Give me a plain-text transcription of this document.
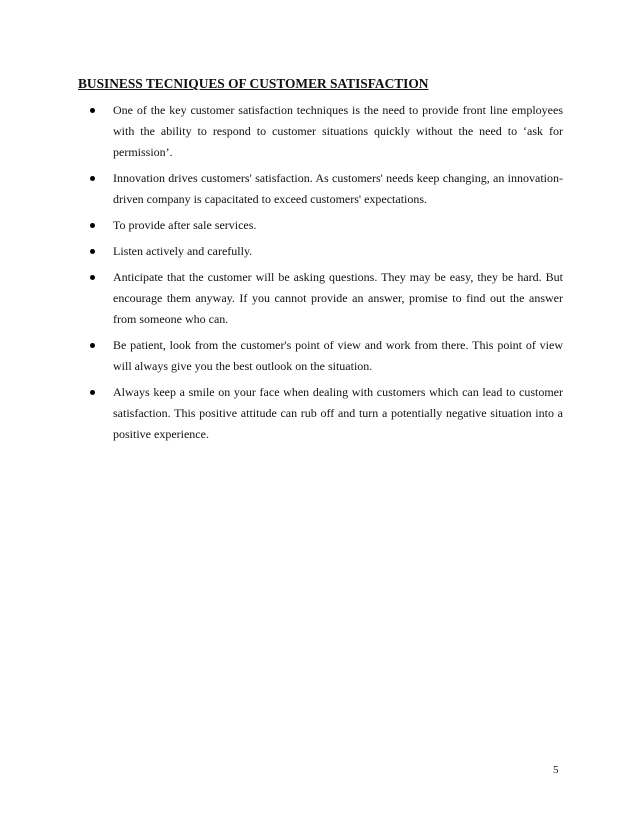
BUSINESS TECNIQUES OF CUSTOMER SATISFACTION
One of the key customer satisfaction techniques is the need to provide front line employees with the ability to respond to customer situations quickly without the need to ‘ask for permission’.
Innovation drives customers' satisfaction. As customers' needs keep changing, an innovation-driven company is capacitated to exceed customers' expectations.
To provide after sale services.
Listen actively and carefully.
Anticipate that the customer will be asking questions. They may be easy, they be hard. But encourage them anyway. If you cannot provide an answer, promise to find out the answer from someone who can.
Be patient, look from the customer's point of view and work from there. This point of view will always give you the best outlook on the situation.
Always keep a smile on your face when dealing with customers which can lead to customer satisfaction. This positive attitude can rub off and turn a potentially negative situation into a positive experience.
5
